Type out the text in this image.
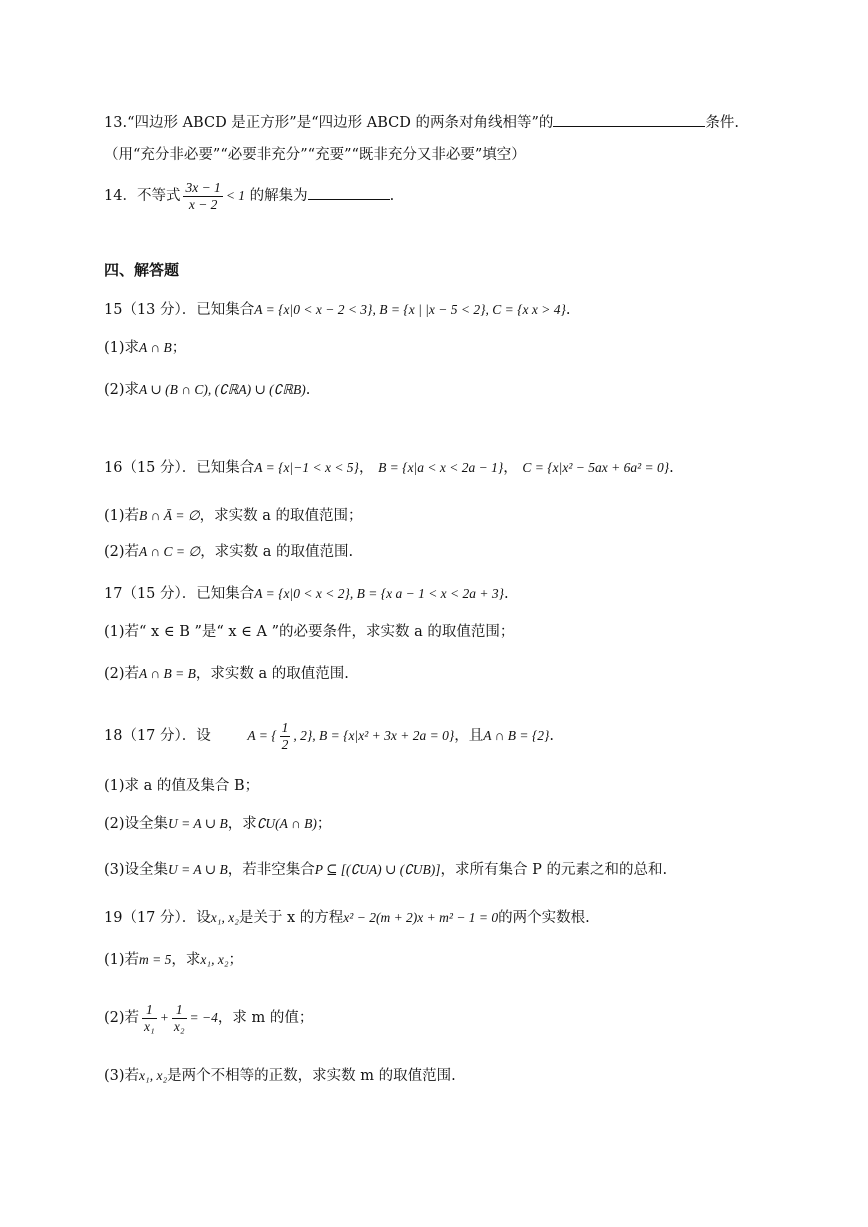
13.“四边形 ABCD 是正方形”是“四边形 ABCD 的两条对角线相等”的	条件.
（用“充分非必要”“必要非充分”“充要”“既非充分又非必要”填空）
14．不等式 $\frac{3x - 1}{x - 2} < 1$ 的解集为	.
四、解答题
15（13 分）．已知集合A = {x|0 < x − 2 < 3}, B = {x | |x − 5 < 2}, C = {x x > 4}.
(1)求A ∩ B；
(2)求A ∪ (B ∩ C), (∁ℝA) ∪ (∁ℝB).
16（15 分）．已知集合A = {x|−1 < x < 5}， B = {x|a < x < 2a − 1}， C = {x|x² − 5ax + 6a² = 0}.
(1)若B ∩ Ā = ∅，求实数 a 的取值范围；
(2)若A ∩ C = ∅，求实数 a 的取值范围.
17（15 分）．已知集合A = {x|0 < x < 2}, B = {x a − 1 < x < 2a + 3}.
(1)若“ x ∈ B ”是“ x ∈ A ”的必要条件，求实数 a 的取值范围；
(2)若A ∩ B = B，求实数 a 的取值范围.
18（17 分）．设	A = { $\frac{1}{2}$ , 2}, B = {x|x² + 3x + 2a = 0}，且A ∩ B = {2}.
(1)求 a 的值及集合 B；
(2)设全集U = A ∪ B，求∁U(A ∩ B)；
(3)设全集U = A ∪ B，若非空集合P ⊆ [(∁UA) ∪ (∁UB)]，求所有集合 P 的元素之和的总和.
19（17 分）．设x₁, x₂是关于 x 的方程x² − 2(m + 2)x + m² − 1 = 0的两个实数根.
(1)若m = 5，求x₁, x₂；
(2)若 $\frac{1}{\text{x₁}} + \frac{1}{\text{x₂}} = -4$，求 m 的值；
(3)若x₁, x₂是两个不相等的正数，求实数 m 的取值范围.
